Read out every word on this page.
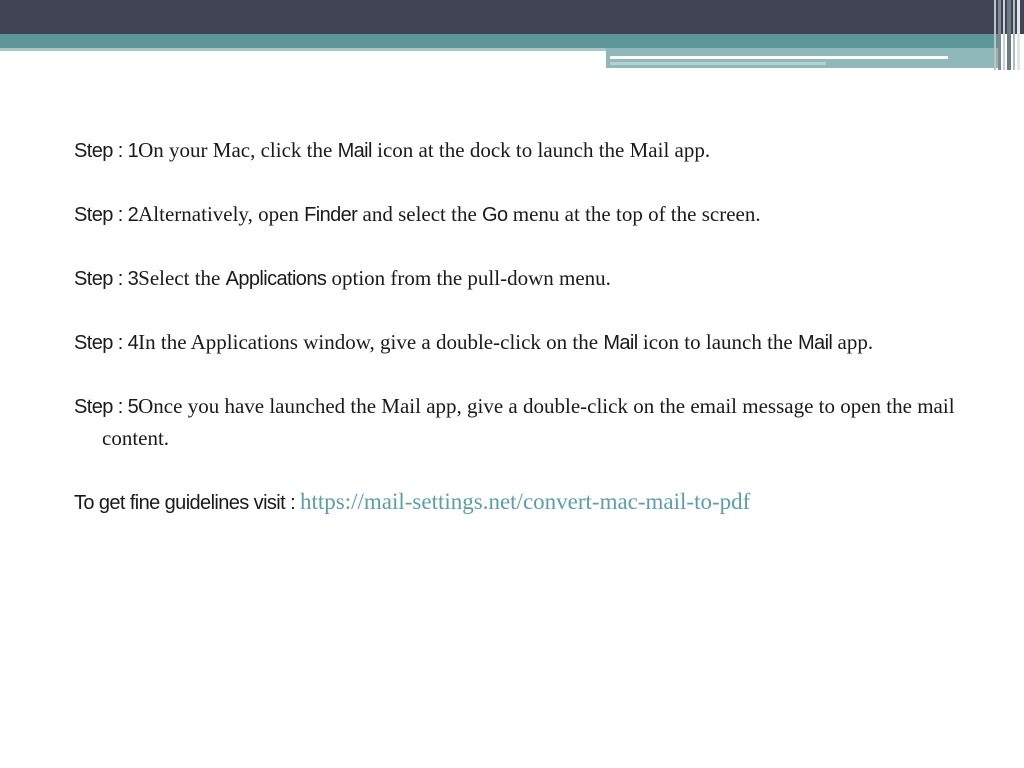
Step : 1On your Mac, click the Mail icon at the dock to launch the Mail app.

Step : 2Alternatively, open Finder and select the Go menu at the top of the screen.

Step : 3Select the Applications option from the pull-down menu.

Step : 4In the Applications window, give a double-click on the Mail icon to launch the Mail app.

Step : 5Once you have launched the Mail app, give a double-click on the email message to open the mail content.

To get fine guidelines visit : https://mail-settings.net/convert-mac-mail-to-pdf
